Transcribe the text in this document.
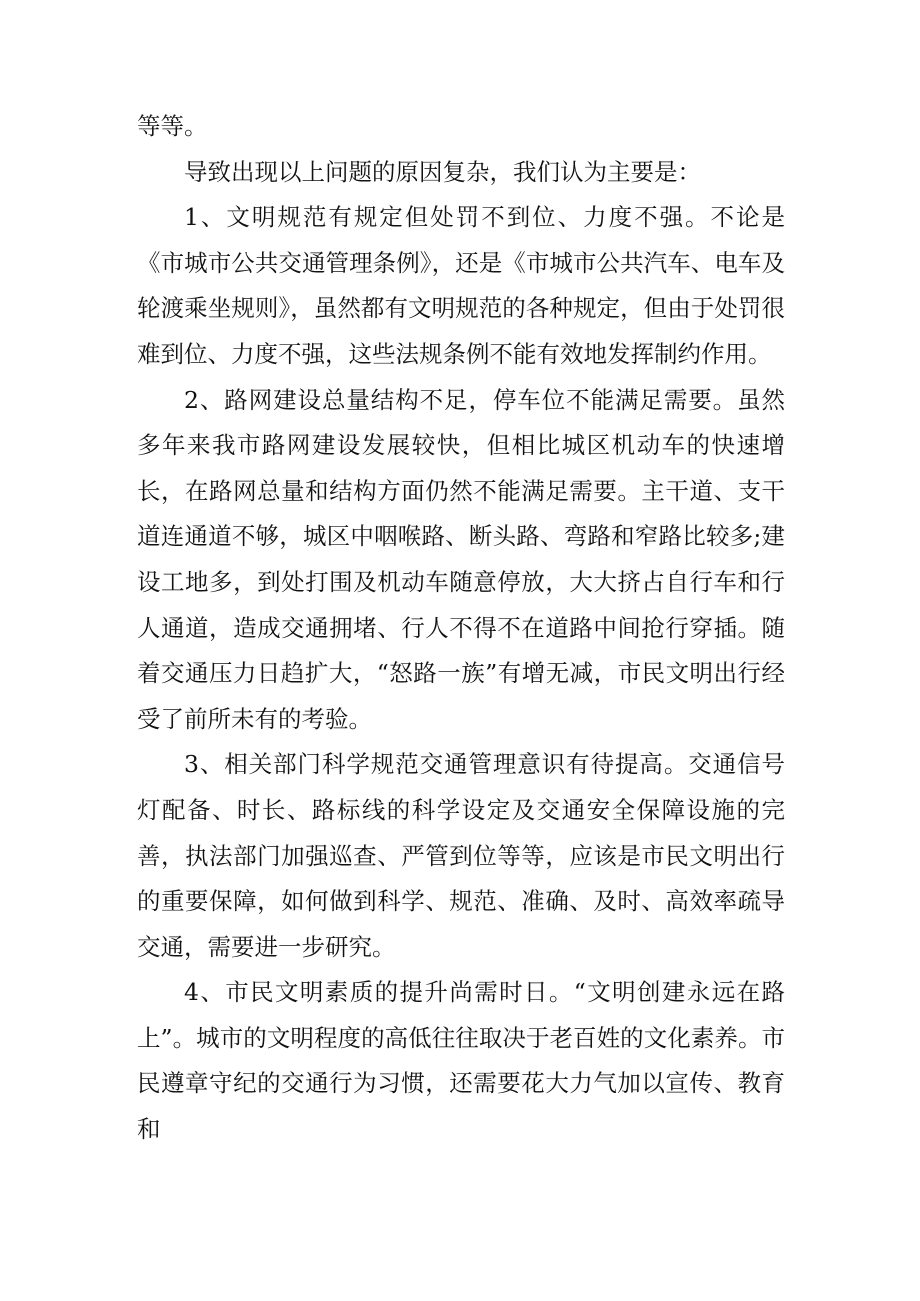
等等。

导致出现以上问题的原因复杂，我们认为主要是：

1、文明规范有规定但处罚不到位、力度不强。不论是《市城市公共交通管理条例》，还是《市城市公共汽车、电车及轮渡乘坐规则》，虽然都有文明规范的各种规定，但由于处罚很难到位、力度不强，这些法规条例不能有效地发挥制约作用。

2、路网建设总量结构不足，停车位不能满足需要。虽然多年来我市路网建设发展较快，但相比城区机动车的快速增长，在路网总量和结构方面仍然不能满足需要。主干道、支干道连通道不够，城区中咽喉路、断头路、弯路和窄路比较多;建设工地多，到处打围及机动车随意停放，大大挤占自行车和行人通道，造成交通拥堵、行人不得不在道路中间抢行穿插。随着交通压力日趋扩大，“怒路一族”有增无减，市民文明出行经受了前所未有的考验。

3、相关部门科学规范交通管理意识有待提高。交通信号灯配备、时长、路标线的科学设定及交通安全保障设施的完善，执法部门加强巡查、严管到位等等，应该是市民文明出行的重要保障，如何做到科学、规范、准确、及时、高效率疏导交通，需要进一步研究。

4、市民文明素质的提升尚需时日。“文明创建永远在路上”。城市的文明程度的高低往往取决于老百姓的文化素养。市民遵章守纪的交通行为习惯，还需要花大力气加以宣传、教育和
